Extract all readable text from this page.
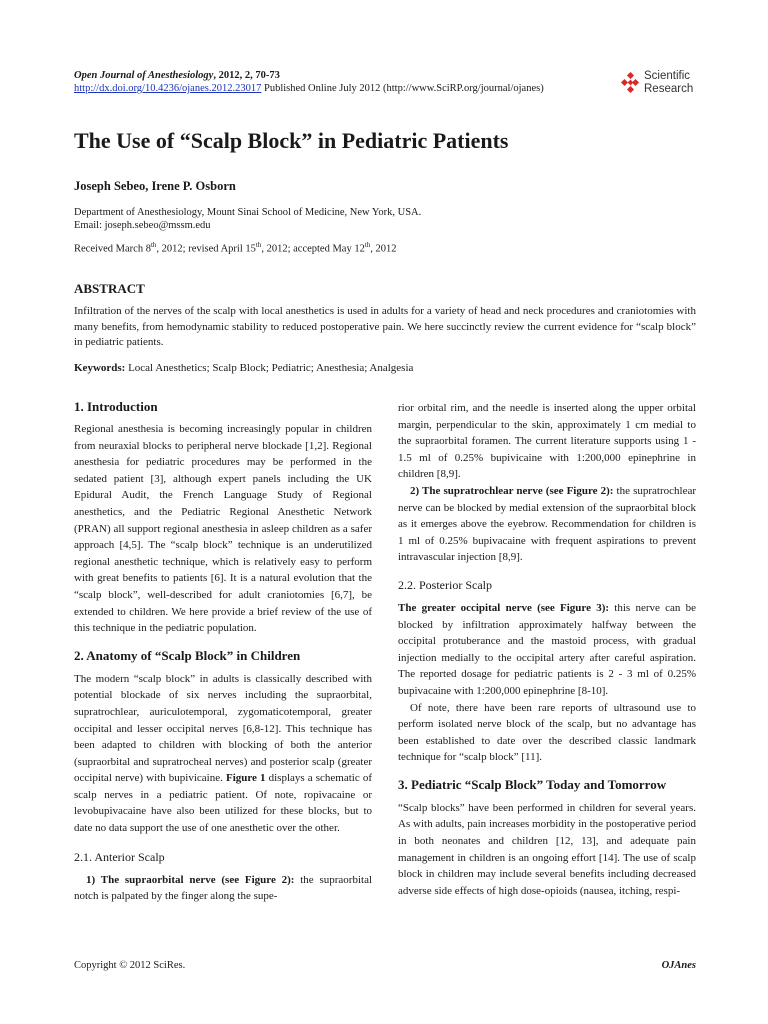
Open Journal of Anesthesiology, 2012, 2, 70-73
http://dx.doi.org/10.4236/ojanes.2012.23017 Published Online July 2012 (http://www.SciRP.org/journal/ojanes)
Scientific
Research
The Use of “Scalp Block” in Pediatric Patients
Joseph Sebeo, Irene P. Osborn
Department of Anesthesiology, Mount Sinai School of Medicine, New York, USA.
Email: joseph.sebeo@mssm.edu
Received March 8th, 2012; revised April 15th, 2012; accepted May 12th, 2012
ABSTRACT
Infiltration of the nerves of the scalp with local anesthetics is used in adults for a variety of head and neck procedures and craniotomies with many benefits, from hemodynamic stability to reduced postoperative pain. We here succinctly review the current evidence for “scalp block” in pediatric patients.
Keywords: Local Anesthetics; Scalp Block; Pediatric; Anesthesia; Analgesia
1. Introduction

Regional anesthesia is becoming increasingly popular in children from neuraxial blocks to peripheral nerve blockade [1,2]. Regional anesthesia for pediatric procedures may be performed in the sedated patient [3], although expert panels including the UK Epidural Audit, the French Language Study of Regional anesthetics, and the Pediatric Regional Anesthetic Network (PRAN) all support regional anesthesia in asleep children as a safer approach [4,5]. The “scalp block” technique is an underutilized regional anesthetic technique, which is relatively easy to perform with great benefits to patients [6]. It is a natural evolution that the “scalp block”, well-described for adult craniotomies [6,7], be extended to children. We here provide a brief review of the use of this technique in the pediatric population.

2. Anatomy of “Scalp Block” in Children

The modern “scalp block” in adults is classically described with potential blockade of six nerves including the supraorbital, supratrochlear, auriculotemporal, zygomaticotemporal, greater occipital and lesser occipital nerves [6,8-12]. This technique has been adapted to children with blocking of both the anterior (supraorbital and supratrocheal nerves) and posterior scalp (greater occipital nerve) with bupivicaine. Figure 1 displays a schematic of scalp nerves in a pediatric patient. Of note, ropivacaine or levobupivacaine have also been utilized for these blocks, but to date no data support the use of one anesthetic over the other.

2.1. Anterior Scalp

1) The supraorbital nerve (see Figure 2): the supraorbital notch is palpated by the finger along the supe-

rior orbital rim, and the needle is inserted along the upper orbital margin, perpendicular to the skin, approximately 1 cm medial to the supraorbital foramen. The current literature supports using 1 - 1.5 ml of 0.25% bupivicaine with 1:200,000 epinephrine in children [8,9].

2) The supratrochlear nerve (see Figure 2): the supratrochlear nerve can be blocked by medial extension of the supraorbital block as it emerges above the eyebrow. Recommendation for children is 1 ml of 0.25% bupivacaine with frequent aspirations to prevent intravascular injection [8,9].

2.2. Posterior Scalp

The greater occipital nerve (see Figure 3): this nerve can be blocked by infiltration approximately halfway between the occipital protuberance and the mastoid process, with gradual injection medially to the occipital artery after careful aspiration. The reported dosage for pediatric patients is 2 - 3 ml of 0.25% bupivacaine with 1:200,000 epinephrine [8-10].

Of note, there have been rare reports of ultrasound use to perform isolated nerve block of the scalp, but no advantage has been established to date over the described classic landmark technique for “scalp block” [11].

3. Pediatric “Scalp Block” Today and Tomorrow

“Scalp blocks” have been performed in children for several years. As with adults, pain increases morbidity in the postoperative period in both neonates and children [12, 13], and adequate pain management in children is an ongoing effort [14]. The use of scalp block in children may include several benefits including decreased adverse side effects of high dose-opioids (nausea, itching, respi-

Copyright © 2012 SciRes.	OJAnes
